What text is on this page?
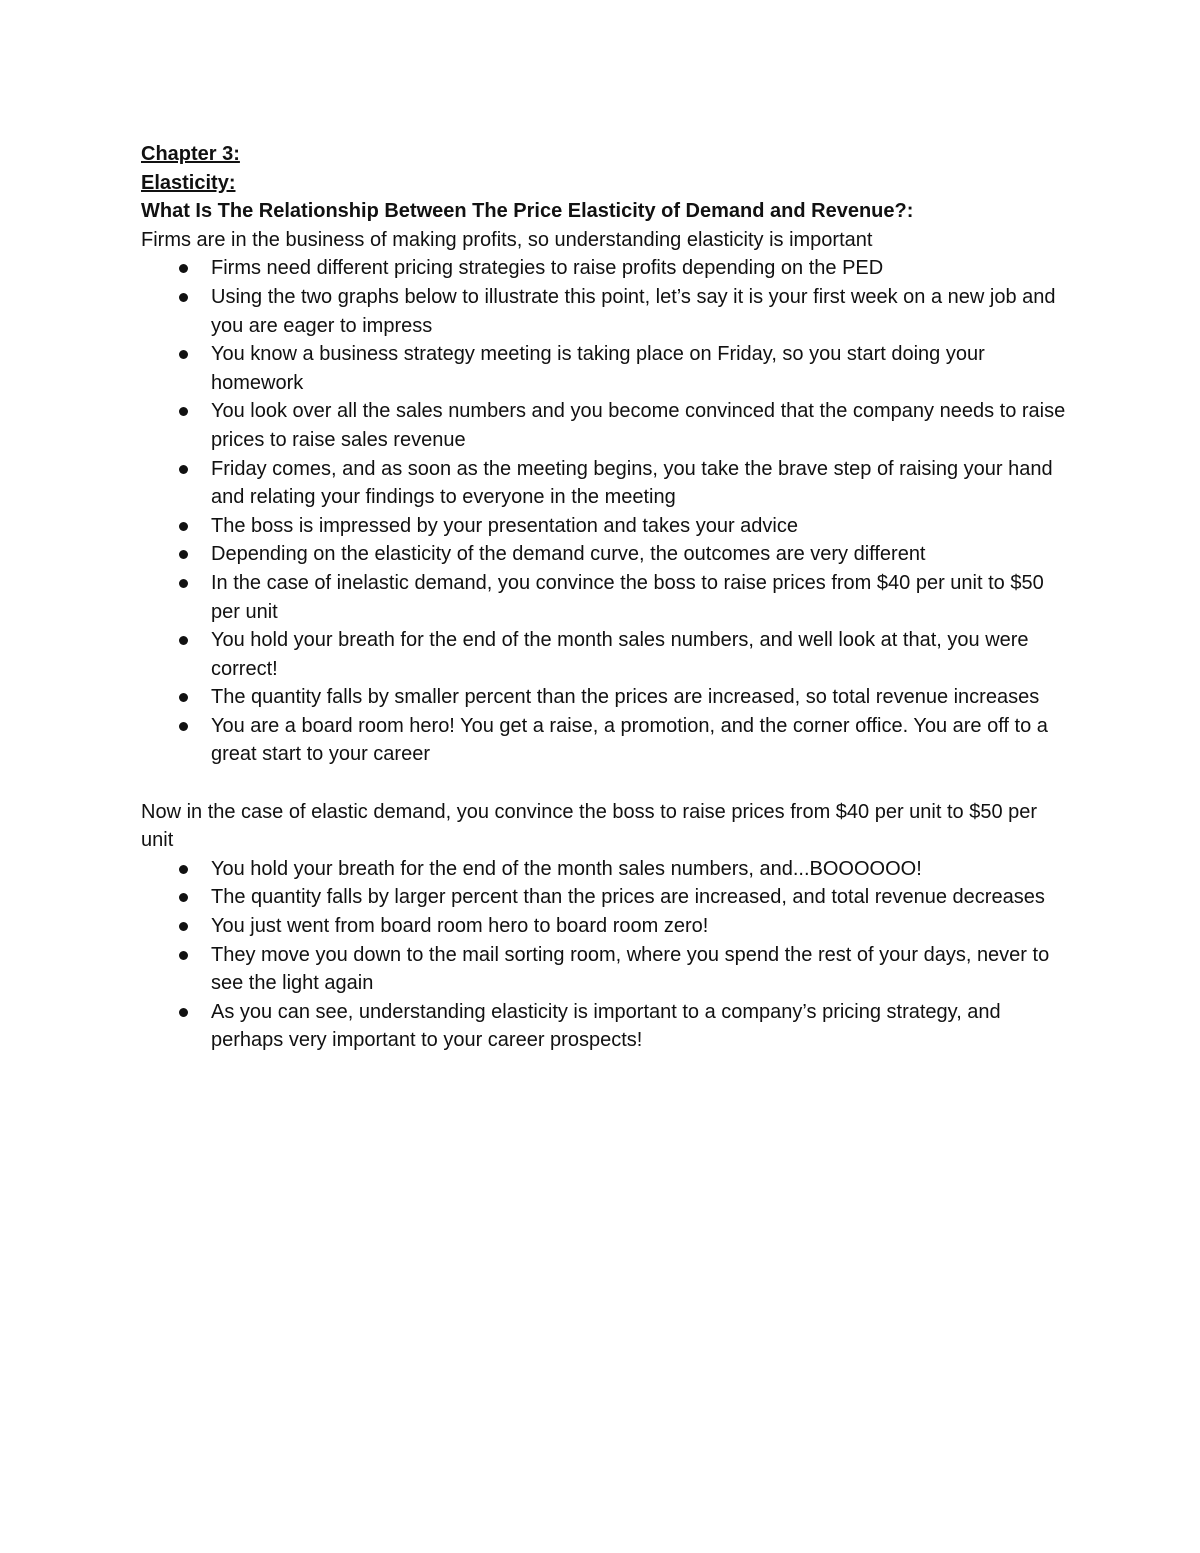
Chapter 3:

Elasticity:

What Is The Relationship Between The Price Elasticity of Demand and Revenue?:

Firms are in the business of making profits, so understanding elasticity is important

Firms need different pricing strategies to raise profits depending on the PED
Using the two graphs below to illustrate this point, let’s say it is your first week on a new job and you are eager to impress
You know a business strategy meeting is taking place on Friday, so you start doing your homework
You look over all the sales numbers and you become convinced that the company needs to raise prices to raise sales revenue
Friday comes, and as soon as the meeting begins, you take the brave step of raising your hand and relating your findings to everyone in the meeting
The boss is impressed by your presentation and takes your advice
Depending on the elasticity of the demand curve, the outcomes are very different
In the case of inelastic demand, you convince the boss to raise prices from $40 per unit to $50 per unit
You hold your breath for the end of the month sales numbers, and well look at that, you were correct!
The quantity falls by smaller percent than the prices are increased, so total revenue increases
You are a board room hero! You get a raise, a promotion, and the corner office. You are off to a great start to your career

Now in the case of elastic demand, you convince the boss to raise prices from $40 per unit to $50 per unit

You hold your breath for the end of the month sales numbers, and...BOOOOOO!
The quantity falls by larger percent than the prices are increased, and total revenue decreases
You just went from board room hero to board room zero!
They move you down to the mail sorting room, where you spend the rest of your days, never to see the light again
As you can see, understanding elasticity is important to a company’s pricing strategy, and perhaps very important to your career prospects!
